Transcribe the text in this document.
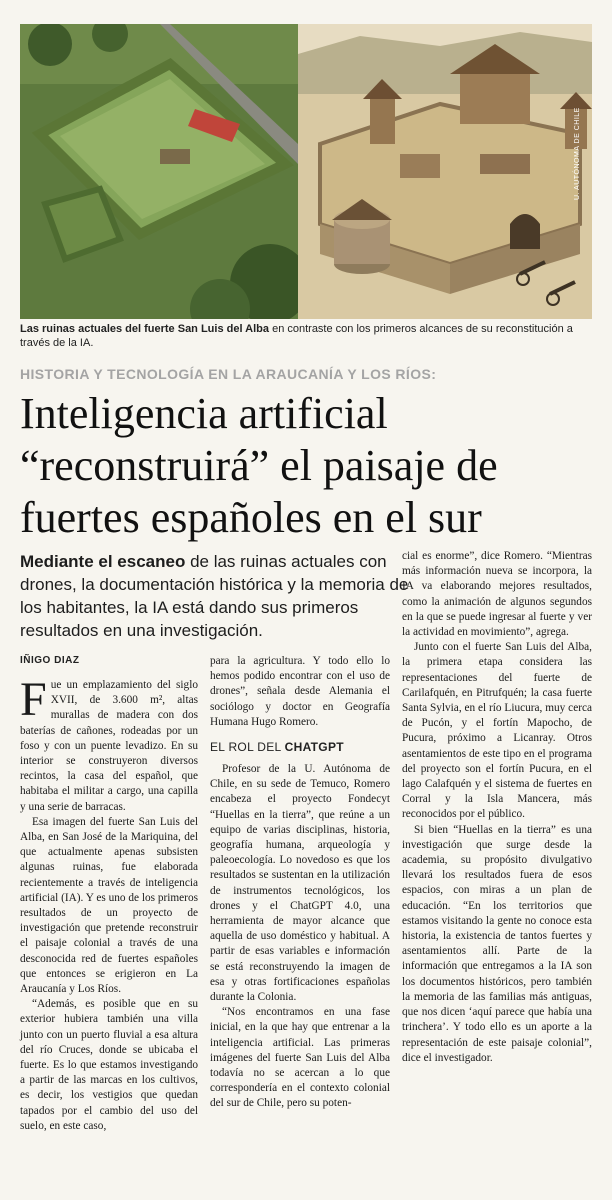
U. AUTÓNOMA DE CHILE
Las ruinas actuales del fuerte San Luis del Alba en contraste con los primeros alcances de su reconstitución a través de la IA.
HISTORIA Y TECNOLOGÍA EN LA ARAUCANÍA Y LOS RÍOS:
Inteligencia artificial “reconstruirá” el paisaje de fuertes españoles en el sur
Mediante el escaneo de las ruinas actuales con drones, la documentación histórica y la memoria de los habitantes, la IA está dando sus primeros resultados en una investigación.
IÑIGO DIAZ

Fue un emplazamiento del siglo XVII, de 3.600 m², altas murallas de madera con dos baterías de cañones, rodeadas por un foso y con un puente levadizo. En su interior se construyeron diversos recintos, la casa del español, que habitaba el militar a cargo, una capilla y una serie de barracas.

Esa imagen del fuerte San Luis del Alba, en San José de la Mariquina, del que actualmente apenas subsisten algunas ruinas, fue elaborada recientemente a través de inteligencia artificial (IA). Y es uno de los primeros resultados de un proyecto de investigación que pretende reconstruir el paisaje colonial a través de una desconocida red de fuertes españoles que entonces se erigieron en La Araucanía y Los Ríos.

“Además, es posible que en su exterior hubiera también una villa junto con un puerto fluvial a esa altura del río Cruces, donde se ubicaba el fuerte. Es lo que estamos investigando a partir de las marcas en los cultivos, es decir, los vestigios que quedan tapados por el cambio del uso del suelo, en este caso,

para la agricultura. Y todo ello lo hemos podido encontrar con el uso de drones”, señala desde Alemania el sociólogo y doctor en Geografía Humana Hugo Romero.

EL ROL DEL CHATGPT

Profesor de la U. Autónoma de Chile, en su sede de Temuco, Romero encabeza el proyecto Fondecyt “Huellas en la tierra”, que reúne a un equipo de varias disciplinas, historia, geografía humana, arqueología y paleoecología. Lo novedoso es que los resultados se sustentan en la utilización de instrumentos tecnológicos, los drones y el ChatGPT 4.0, una herramienta de mayor alcance que aquella de uso doméstico y habitual. A partir de esas variables e información se está reconstruyendo la imagen de esa y otras fortificaciones españolas durante la Colonia.

“Nos encontramos en una fase inicial, en la que hay que entrenar a la inteligencia artificial. Las primeras imágenes del fuerte San Luis del Alba todavía no se acercan a lo que correspondería en el contexto colonial del sur de Chile, pero su poten-

cial es enorme”, dice Romero. “Mientras más información nueva se incorpora, la IA va elaborando mejores resultados, como la animación de algunos segundos en la que se puede ingresar al fuerte y ver la actividad en movimiento”, agrega.

Junto con el fuerte San Luis del Alba, la primera etapa considera las representaciones del fuerte de Carilafquén, en Pitrufquén; la casa fuerte Santa Sylvia, en el río Liucura, muy cerca de Pucón, y el fortín Mapocho, de Pucura, próximo a Licanray. Otros asentamientos de este tipo en el programa del proyecto son el fortín Pucura, en el lago Calafquén y el sistema de fuertes en Corral y la Isla Mancera, más reconocidos por el público.

Si bien “Huellas en la tierra” es una investigación que surge desde la academia, su propósito divulgativo llevará los resultados fuera de esos espacios, con miras a un plan de educación. “En los territorios que estamos visitando la gente no conoce esta historia, la existencia de tantos fuertes y asentamientos allí. Parte de la información que entregamos a la IA son los documentos históricos, pero también la memoria de las familias más antiguas, que nos dicen ‘aquí parece que había una trinchera’. Y todo ello es un aporte a la representación de este paisaje colonial”, dice el investigador.
